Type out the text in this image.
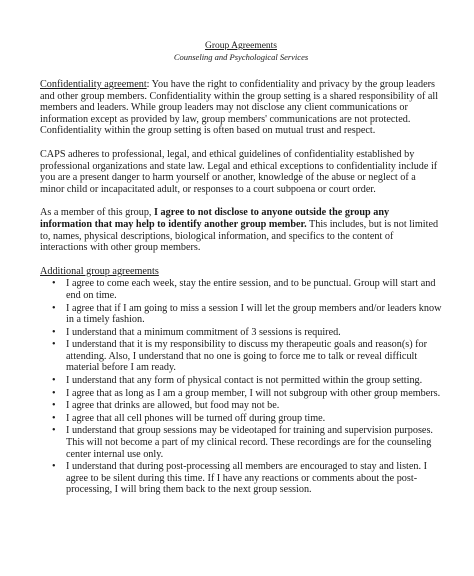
Group Agreements
Counseling and Psychological Services

Confidentiality agreement: You have the right to confidentiality and privacy by the group leaders and other group members. Confidentiality within the group setting is a shared responsibility of all members and leaders. While group leaders may not disclose any client communications or information except as provided by law, group members' communications are not protected. Confidentiality within the group setting is often based on mutual trust and respect.

CAPS adheres to professional, legal, and ethical guidelines of confidentiality established by professional organizations and state law. Legal and ethical exceptions to confidentiality include if you are a present danger to harm yourself or another, knowledge of the abuse or neglect of a minor child or incapacitated adult, or responses to a court subpoena or court order.

As a member of this group, I agree to not disclose to anyone outside the group any information that may help to identify another group member. This includes, but is not limited to, names, physical descriptions, biological information, and specifics to the content of interactions with other group members.

Additional group agreements
• I agree to come each week, stay the entire session, and to be punctual. Group will start and end on time.
• I agree that if I am going to miss a session I will let the group members and/or leaders know in a timely fashion.
• I understand that a minimum commitment of 3 sessions is required.
• I understand that it is my responsibility to discuss my therapeutic goals and reason(s) for attending. Also, I understand that no one is going to force me to talk or reveal difficult material before I am ready.
• I understand that any form of physical contact is not permitted within the group setting.
• I agree that as long as I am a group member, I will not subgroup with other group members.
• I agree that drinks are allowed, but food may not be.
• I agree that all cell phones will be turned off during group time.
• I understand that group sessions may be videotaped for training and supervision purposes. This will not become a part of my clinical record. These recordings are for the counseling center internal use only.
• I understand that during post-processing all members are encouraged to stay and listen. I agree to be silent during this time. If I have any reactions or comments about the post-processing, I will bring them back to the next group session.
